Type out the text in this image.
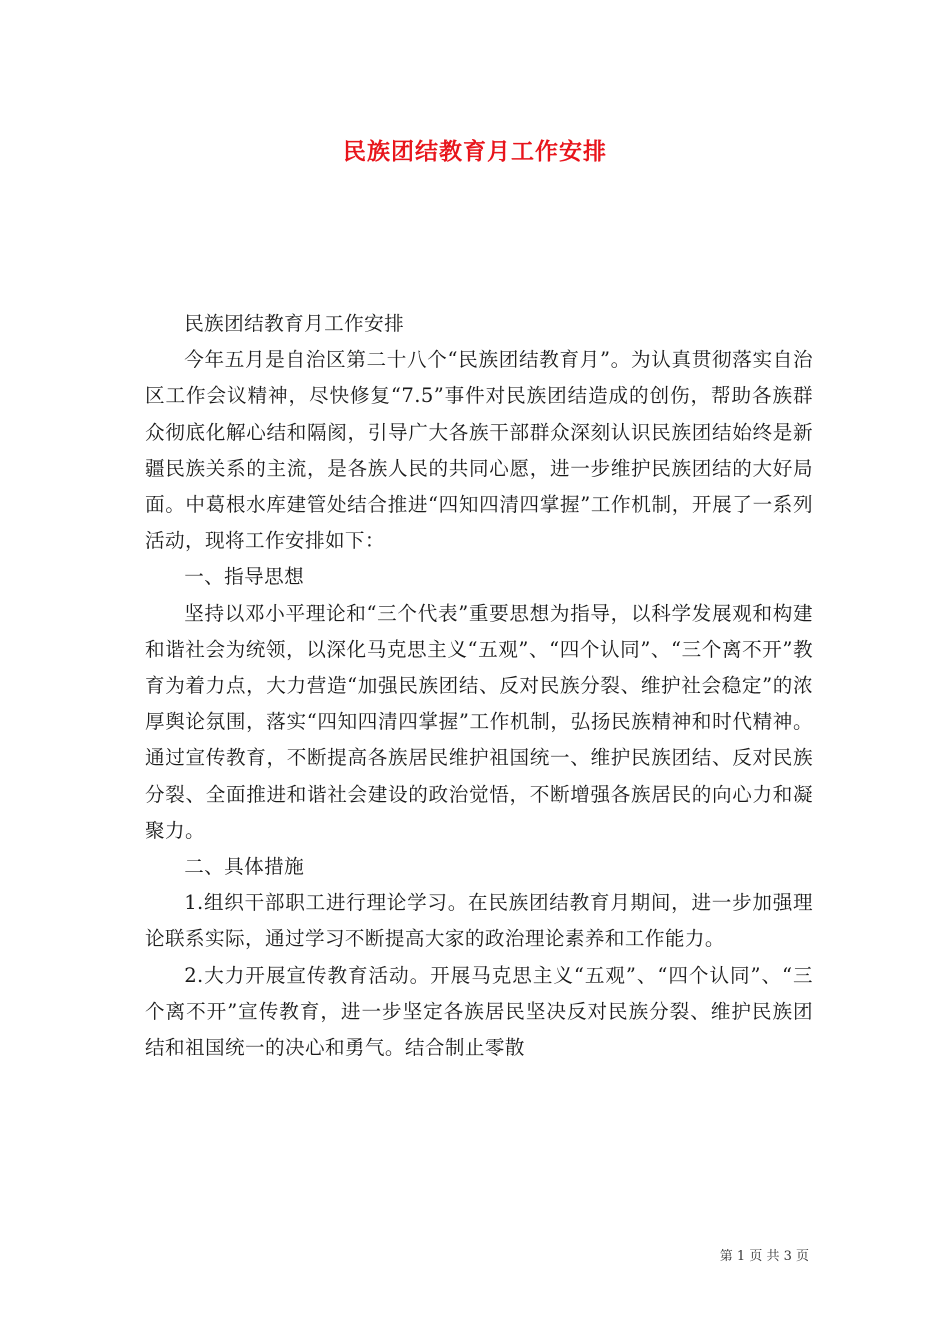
民族团结教育月工作安排

民族团结教育月工作安排

今年五月是自治区第二十八个“民族团结教育月”。为认真贯彻落实自治区工作会议精神，尽快修复“7.5”事件对民族团结造成的创伤，帮助各族群众彻底化解心结和隔阂，引导广大各族干部群众深刻认识民族团结始终是新疆民族关系的主流，是各族人民的共同心愿，进一步维护民族团结的大好局面。中葛根水库建管处结合推进“四知四清四掌握”工作机制，开展了一系列活动，现将工作安排如下：

一、指导思想

坚持以邓小平理论和“三个代表”重要思想为指导，以科学发展观和构建和谐社会为统领，以深化马克思主义“五观”、“四个认同”、“三个离不开”教育为着力点，大力营造“加强民族团结、反对民族分裂、维护社会稳定”的浓厚舆论氛围，落实“四知四清四掌握”工作机制，弘扬民族精神和时代精神。通过宣传教育，不断提高各族居民维护祖国统一、维护民族团结、反对民族分裂、全面推进和谐社会建设的政治觉悟，不断增强各族居民的向心力和凝聚力。

二、具体措施

1.组织干部职工进行理论学习。在民族团结教育月期间，进一步加强理论联系实际，通过学习不断提高大家的政治理论素养和工作能力。

2.大力开展宣传教育活动。开展马克思主义“五观”、“四个认同”、“三个离不开”宣传教育，进一步坚定各族居民坚决反对民族分裂、维护民族团结和祖国统一的决心和勇气。结合制止零散

第 1 页 共 3 页
